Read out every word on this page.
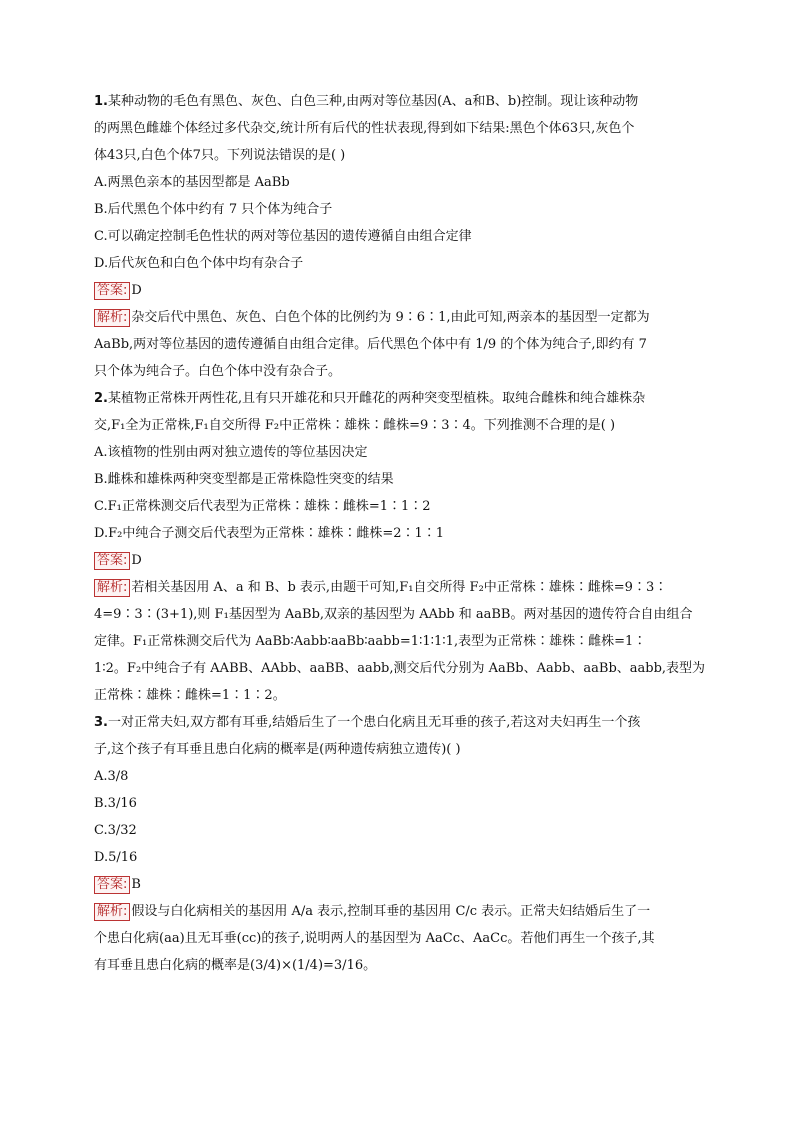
1.某种动物的毛色有黑色、灰色、白色三种,由两对等位基因(A、a和B、b)控制。现让该种动物
的两黑色雌雄个体经过多代杂交,统计所有后代的性状表现,得到如下结果:黑色个体63只,灰色个
体43只,白色个体7只。下列说法错误的是( )
A.两黑色亲本的基因型都是 AaBb
B.后代黑色个体中约有 7 只个体为纯合子
C.可以确定控制毛色性状的两对等位基因的遗传遵循自由组合定律
D.后代灰色和白色个体中均有杂合子
答案: D
解析: 杂交后代中黑色、灰色、白色个体的比例约为 9∶6∶1,由此可知,两亲本的基因型一定都为
AaBb,两对等位基因的遗传遵循自由组合定律。后代黑色个体中有 1/9 的个体为纯合子,即约有 7
只个体为纯合子。白色个体中没有杂合子。
2.某植物正常株开两性花,且有只开雄花和只开雌花的两种突变型植株。取纯合雌株和纯合雄株杂
交,F₁全为正常株,F₁自交所得 F₂中正常株∶雄株∶雌株=9∶3∶4。下列推测不合理的是( )
A.该植物的性别由两对独立遗传的等位基因决定
B.雌株和雄株两种突变型都是正常株隐性突变的结果
C.F₁正常株测交后代表型为正常株∶雄株∶雌株=1∶1∶2
D.F₂中纯合子测交后代表型为正常株∶雄株∶雌株=2∶1∶1
答案: D
解析: 若相关基因用 A、a 和 B、b 表示,由题干可知,F₁自交所得 F₂中正常株∶雄株∶雌株=9∶3∶
4=9∶3∶(3+1),则 F₁基因型为 AaBb,双亲的基因型为 AAbb 和 aaBB。两对基因的遗传符合自由组合
定律。F₁正常株测交后代为 AaBb∶Aabb∶aaBb∶aabb=1∶1∶1∶1,表型为正常株∶雄株∶雌株=1∶
1∶2。F₂中纯合子有 AABB、AAbb、aaBB、aabb,测交后代分别为 AaBb、Aabb、aaBb、aabb,表型为
正常株∶雄株∶雌株=1∶1∶2。
3.一对正常夫妇,双方都有耳垂,结婚后生了一个患白化病且无耳垂的孩子,若这对夫妇再生一个孩
子,这个孩子有耳垂且患白化病的概率是(两种遗传病独立遗传)( )
A.3/8
B.3/16
C.3/32
D.5/16
答案: B
解析: 假设与白化病相关的基因用 A/a 表示,控制耳垂的基因用 C/c 表示。正常夫妇结婚后生了一
个患白化病(aa)且无耳垂(cc)的孩子,说明两人的基因型为 AaCc、AaCc。若他们再生一个孩子,其
有耳垂且患白化病的概率是(3/4)×(1/4)=3/16。
